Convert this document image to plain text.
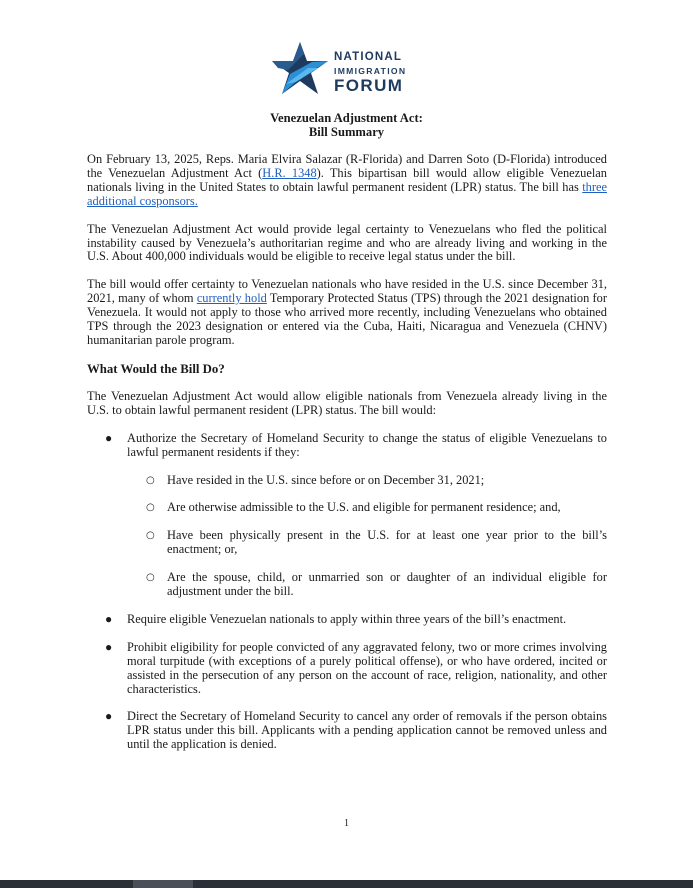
NATIONAL
IMMIGRATION
FORUM
Venezuelan Adjustment Act:
Bill Summary

On February 13, 2025, Reps. Maria Elvira Salazar (R-Florida) and Darren Soto (D-Florida) introduced the Venezuelan Adjustment Act (H.R. 1348). This bipartisan bill would allow eligible Venezuelan nationals living in the United States to obtain lawful permanent resident (LPR) status. The bill has three additional cosponsors.

The Venezuelan Adjustment Act would provide legal certainty to Venezuelans who fled the political instability caused by Venezuela’s authoritarian regime and who are already living and working in the U.S. About 400,000 individuals would be eligible to receive legal status under the bill.

The bill would offer certainty to Venezuelan nationals who have resided in the U.S. since December 31, 2021, many of whom currently hold Temporary Protected Status (TPS) through the 2021 designation for Venezuela. It would not apply to those who arrived more recently, including Venezuelans who obtained TPS through the 2023 designation or entered via the Cuba, Haiti, Nicaragua and Venezuela (CHNV) humanitarian parole program.

What Would the Bill Do?

The Venezuelan Adjustment Act would allow eligible nationals from Venezuela already living in the U.S. to obtain lawful permanent resident (LPR) status. The bill would:

● Authorize the Secretary of Homeland Security to change the status of eligible Venezuelans to lawful permanent residents if they:
○ Have resided in the U.S. since before or on December 31, 2021;
○ Are otherwise admissible to the U.S. and eligible for permanent residence; and,
○ Have been physically present in the U.S. for at least one year prior to the bill’s enactment; or,
○ Are the spouse, child, or unmarried son or daughter of an individual eligible for adjustment under the bill.
● Require eligible Venezuelan nationals to apply within three years of the bill’s enactment.
● Prohibit eligibility for people convicted of any aggravated felony, two or more crimes involving moral turpitude (with exceptions of a purely political offense), or who have ordered, incited or assisted in the persecution of any person on the account of race, religion, nationality, and other characteristics.
● Direct the Secretary of Homeland Security to cancel any order of removals if the person obtains LPR status under this bill. Applicants with a pending application cannot be removed unless and until the application is denied.
1
